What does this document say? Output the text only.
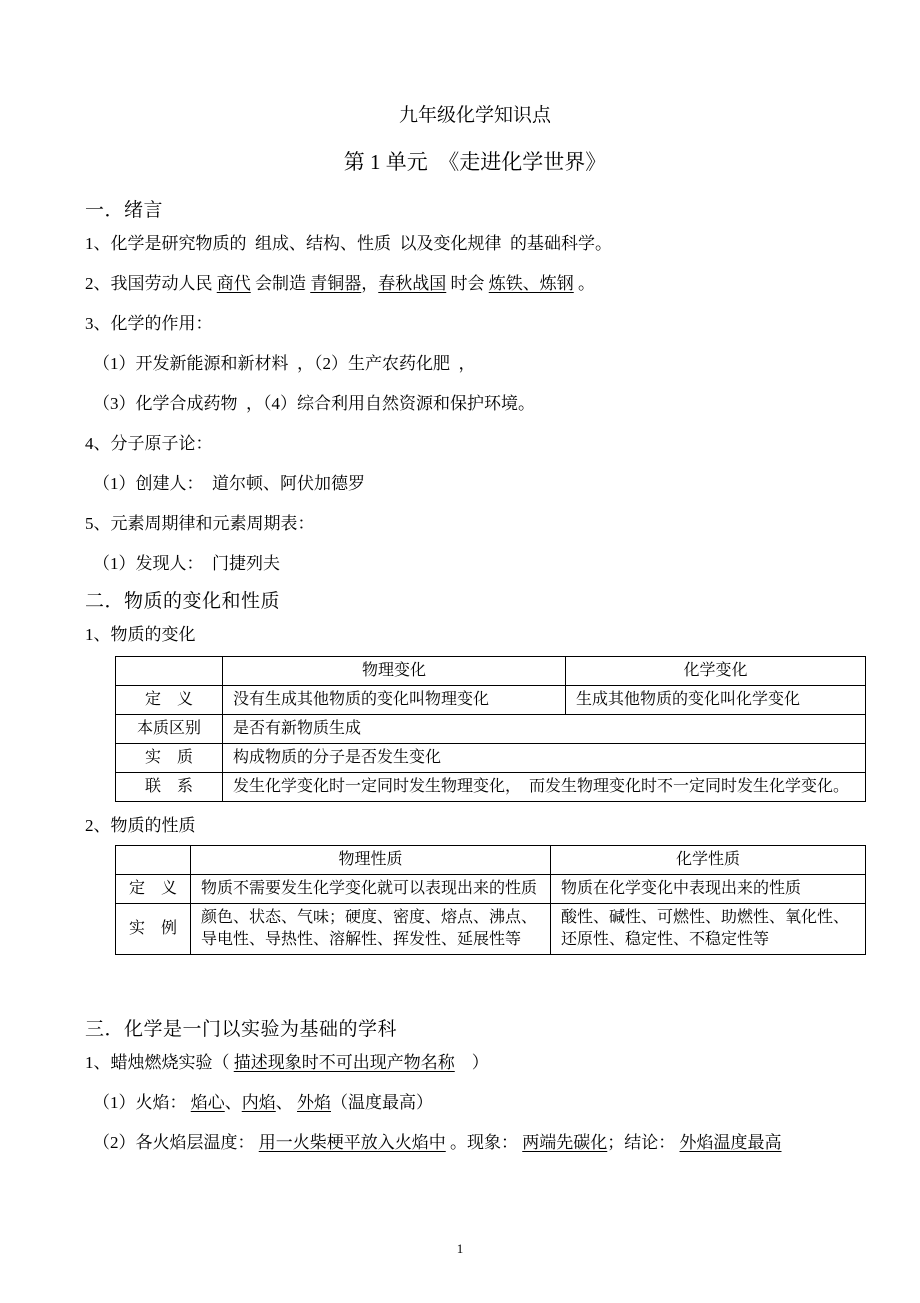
九年级化学知识点
第 1 单元  《走进化学世界》
一．绪言
1、化学是研究物质的  组成、结构、性质  以及变化规律  的基础科学。
2、我国劳动人民 商代 会制造 青铜器，春秋战国 时会 炼铁、炼钢 。
3、化学的作用：
（1）开发新能源和新材料  ，（2）生产农药化肥  ，
（3）化学合成药物  ，（4）综合利用自然资源和保护环境。
4、分子原子论：
（1）创建人：  道尔顿、阿伏加德罗
5、元素周期律和元素周期表：
（1）发现人：  门捷列夫
二．物质的变化和性质
1、物质的变化
	物理变化	化学变化
定　义	没有生成其他物质的变化叫物理变化	生成其他物质的变化叫化学变化
本质区别	是否有新物质生成	
实　质	构成物质的分子是否发生变化	
联　系	发生化学变化时一定同时发生物理变化，　而发生物理变化时不一定同时发生化学变化。	
2、物质的性质
	物理性质	化学性质
定　义	物质不需要发生化学变化就可以表现出来的性质	物质在化学变化中表现出来的性质
实　例	颜色、状态、气味；硬度、密度、熔点、沸点、导电性、导热性、溶解性、挥发性、延展性等	酸性、碱性、可燃性、助燃性、氧化性、还原性、稳定性、不稳定性等
三．化学是一门以实验为基础的学科
1、蜡烛燃烧实验（ 描述现象时不可出现产物名称　）
（1）火焰： 焰心、内焰、 外焰（温度最高）
（2）各火焰层温度： 用一火柴梗平放入火焰中 。现象： 两端先碳化；结论： 外焰温度最高
1
